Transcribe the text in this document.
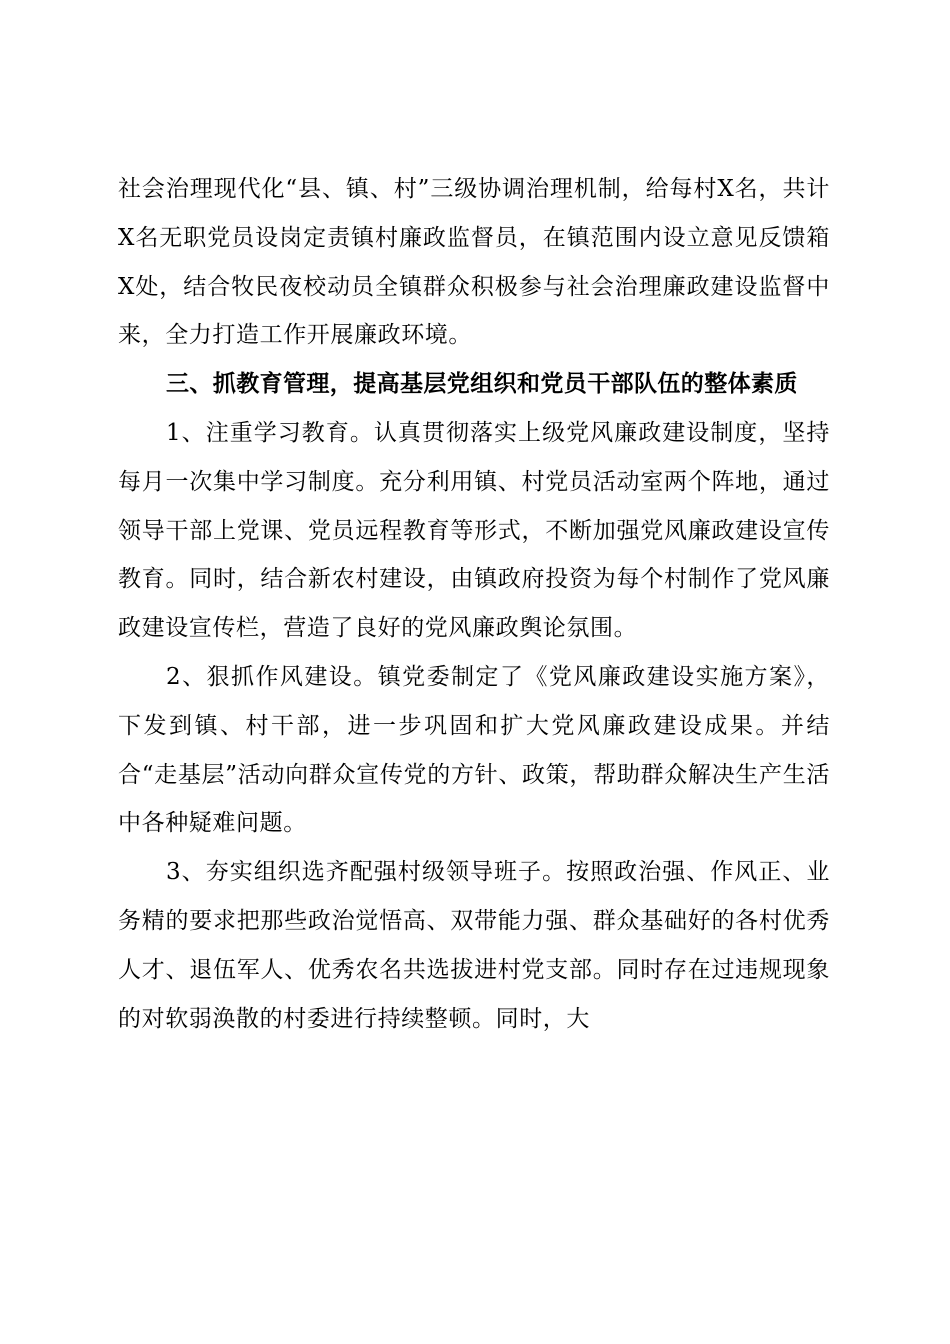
社会治理现代化“县、镇、村”三级协调治理机制，给每村X名，共计X名无职党员设岗定责镇村廉政监督员，在镇范围内设立意见反馈箱X处，结合牧民夜校动员全镇群众积极参与社会治理廉政建设监督中来，全力打造工作开展廉政环境。

三、抓教育管理，提高基层党组织和党员干部队伍的整体素质

1、注重学习教育。认真贯彻落实上级党风廉政建设制度，坚持每月一次集中学习制度。充分利用镇、村党员活动室两个阵地，通过领导干部上党课、党员远程教育等形式，不断加强党风廉政建设宣传教育。同时，结合新农村建设，由镇政府投资为每个村制作了党风廉政建设宣传栏，营造了良好的党风廉政舆论氛围。

2、狠抓作风建设。镇党委制定了《党风廉政建设实施方案》，下发到镇、村干部，进一步巩固和扩大党风廉政建设成果。并结合“走基层”活动向群众宣传党的方针、政策，帮助群众解决生产生活中各种疑难问题。

3、夯实组织选齐配强村级领导班子。按照政治强、作风正、业务精的要求把那些政治觉悟高、双带能力强、群众基础好的各村优秀人才、退伍军人、优秀农名共选拔进村党支部。同时存在过违规现象的对软弱涣散的村委进行持续整顿。同时，大
